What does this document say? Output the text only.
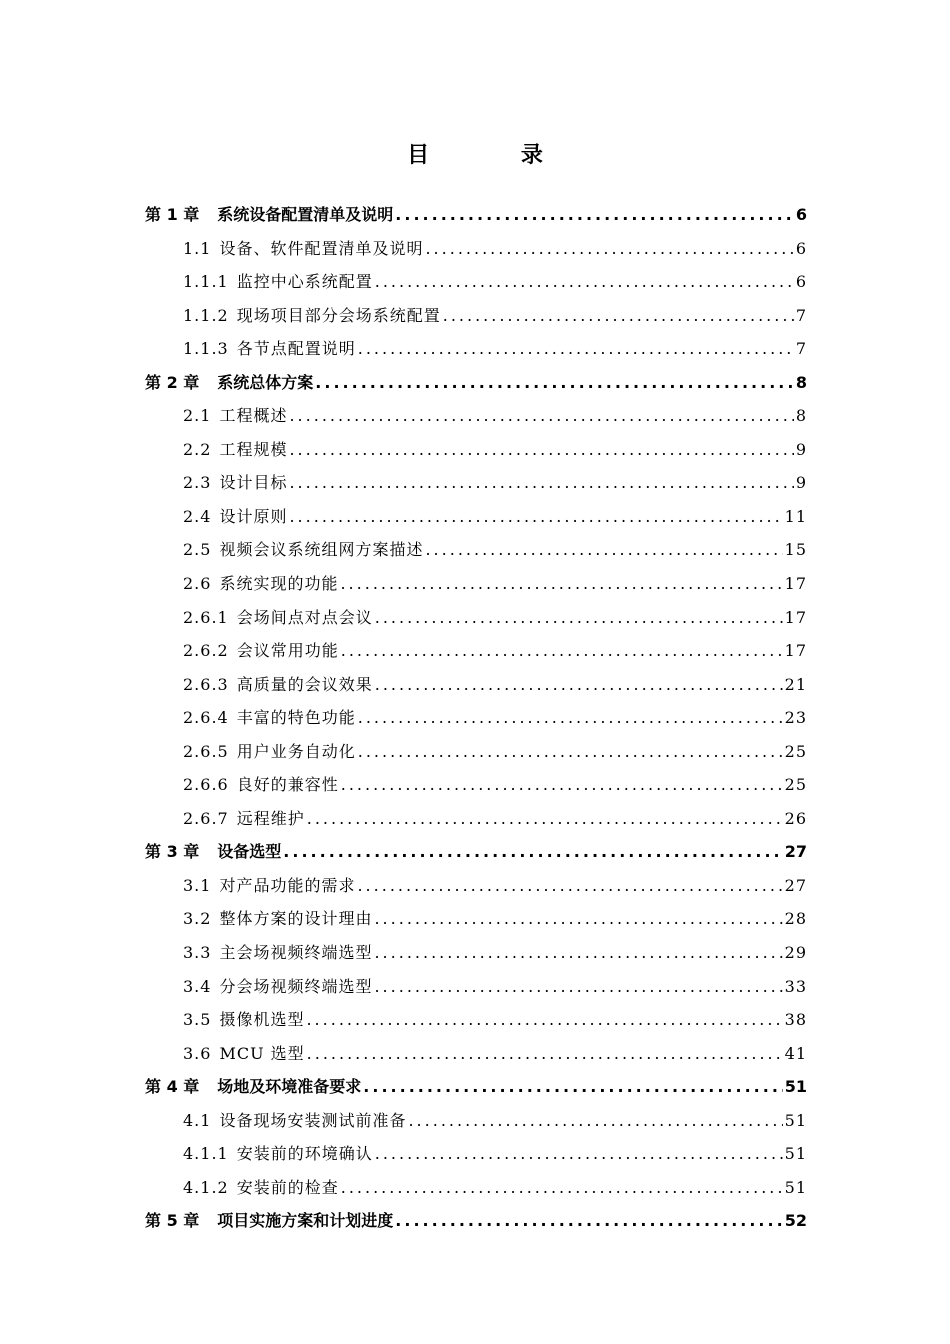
目 录
第 1 章 系统设备配置清单及说明 .....	6
1.1 设备、软件配置清单及说明 .....	6
1.1.1 监控中心系统配置 .....	6
1.1.2 现场项目部分会场系统配置 .....	7
1.1.3 各节点配置说明 .....	7
第 2 章 系统总体方案 .....	8
2.1 工程概述 .....	8
2.2 工程规模 .....	9
2.3 设计目标 .....	9
2.4 设计原则 .....	11
2.5 视频会议系统组网方案描述 .....	15
2.6 系统实现的功能 .....	17
2.6.1 会场间点对点会议 .....	17
2.6.2 会议常用功能 .....	17
2.6.3 高质量的会议效果 .....	21
2.6.4 丰富的特色功能 .....	23
2.6.5 用户业务自动化 .....	25
2.6.6 良好的兼容性 .....	25
2.6.7 远程维护 .....	26
第 3 章 设备选型 .....	27
3.1 对产品功能的需求 .....	27
3.2 整体方案的设计理由 .....	28
3.3 主会场视频终端选型 .....	29
3.4 分会场视频终端选型 .....	33
3.5 摄像机选型 .....	38
3.6 MCU 选型 .....	41
第 4 章 场地及环境准备要求 .....	51
4.1 设备现场安装测试前准备 .....	51
4.1.1 安装前的环境确认 .....	51
4.1.2 安装前的检查 .....	51
第 5 章 项目实施方案和计划进度 .....	52
